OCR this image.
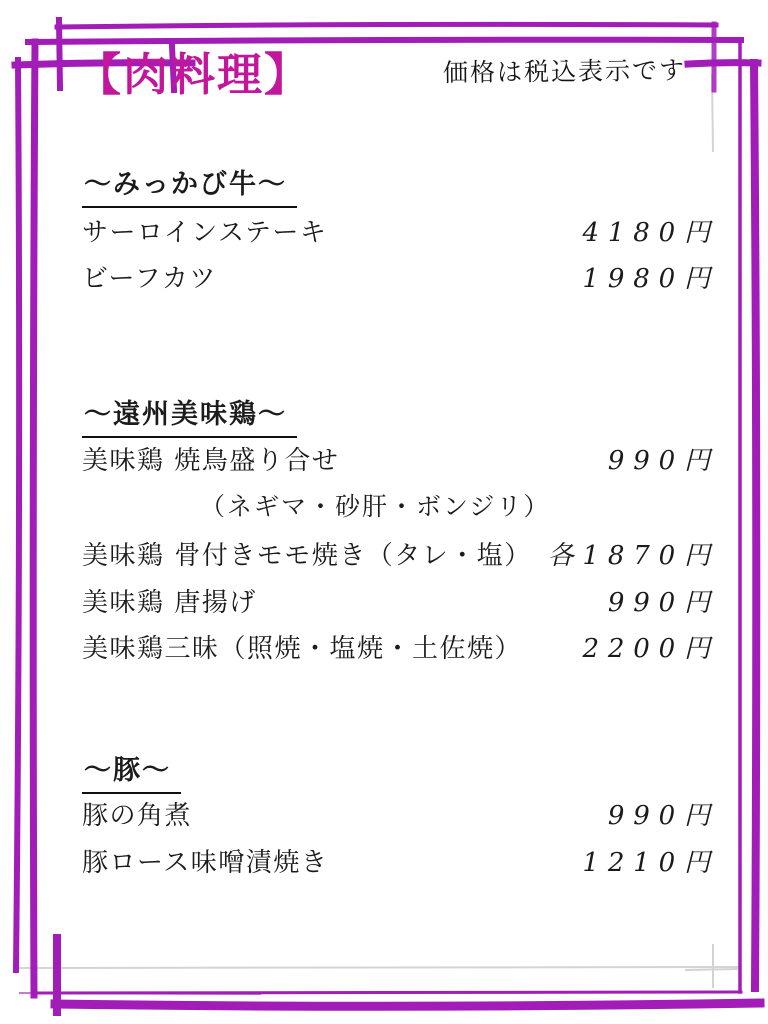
【肉料理】	価格は税込表示です
〜みっかび牛〜
サーロインステーキ	4180円
ビーフカツ	1980円
〜遠州美味鶏〜
美味鶏 焼鳥盛り合せ	990円
（ネギマ・砂肝・ボンジリ）
美味鶏 骨付きモモ焼き（タレ・塩） 各1870円
美味鶏 唐揚げ	990円
美味鶏三昧（照焼・塩焼・土佐焼） 2200円
〜豚〜
豚の角煮	990円
豚ロース味噌漬焼き	1210円
